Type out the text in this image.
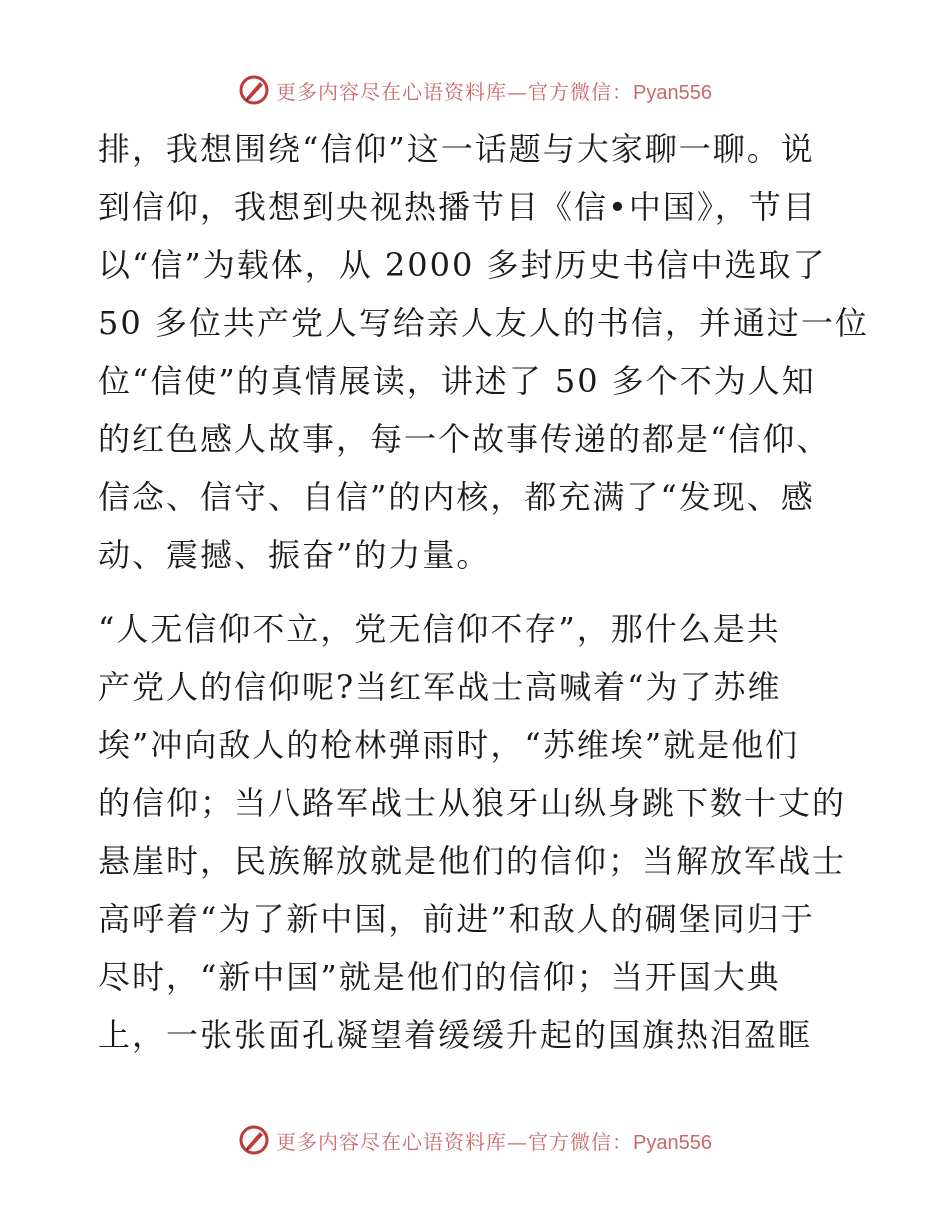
更多内容尽在心语资料库—官方微信：Pyan556
排，我想围绕“信仰”这一话题与大家聊一聊。说
到信仰，我想到央视热播节目《信•中国》，节目
以“信”为载体，从 2000 多封历史书信中选取了
50 多位共产党人写给亲人友人的书信，并通过一位
位“信使”的真情展读，讲述了 50 多个不为人知
的红色感人故事，每一个故事传递的都是“信仰、
信念、信守、自信”的内核，都充满了“发现、感
动、震撼、振奋”的力量。
“人无信仰不立，党无信仰不存”，那什么是共
产党人的信仰呢?当红军战士高喊着“为了苏维
埃”冲向敌人的枪林弹雨时，“苏维埃”就是他们
的信仰；当八路军战士从狼牙山纵身跳下数十丈的
悬崖时，民族解放就是他们的信仰；当解放军战士
高呼着“为了新中国，前进”和敌人的碉堡同归于
尽时，“新中国”就是他们的信仰；当开国大典
上，一张张面孔凝望着缓缓升起的国旗热泪盈眶
更多内容尽在心语资料库—官方微信：Pyan556
